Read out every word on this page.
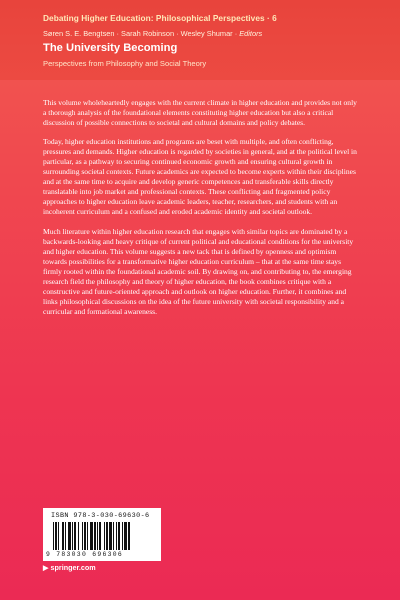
Debating Higher Education: Philosophical Perspectives · 6
Søren S. E. Bengtsen · Sarah Robinson · Wesley Shumar · Editors
The University Becoming
Perspectives from Philosophy and Social Theory

This volume wholeheartedly engages with the current climate in higher education and provides not only a thorough analysis of the foundational elements constituting higher education but also a critical discussion of possible connections to societal and cultural domains and policy debates.

Today, higher education institutions and programs are beset with multiple, and often conflicting, pressures and demands. Higher education is regarded by societies in general, and at the political level in particular, as a pathway to securing continued economic growth and ensuring cultural growth in surrounding societal contexts. Future academics are expected to become experts within their disciplines and at the same time to acquire and develop generic competences and transferable skills directly translatable into job market and professional contexts. These conflicting and fragmented policy approaches to higher education leave academic leaders, teacher, researchers, and students with an incoherent curriculum and a confused and eroded academic identity and societal outlook.

Much literature within higher education research that engages with similar topics are dominated by a backwards-looking and heavy critique of current political and educational conditions for the university and higher education. This volume suggests a new tack that is defined by openness and optimism towards possibilities for a transformative higher education curriculum – that at the same time stays firmly rooted within the foundational academic soil. By drawing on, and contributing to, the emerging research field the philosophy and theory of higher education, the book combines critique with a constructive and future-oriented approach and outlook on higher education. Further, it combines and links philosophical discussions on the idea of the future university with societal responsibility and a curricular and formational awareness.

ISBN 978-3-030-69630-6
9 783030 696306
▶ springer.com
